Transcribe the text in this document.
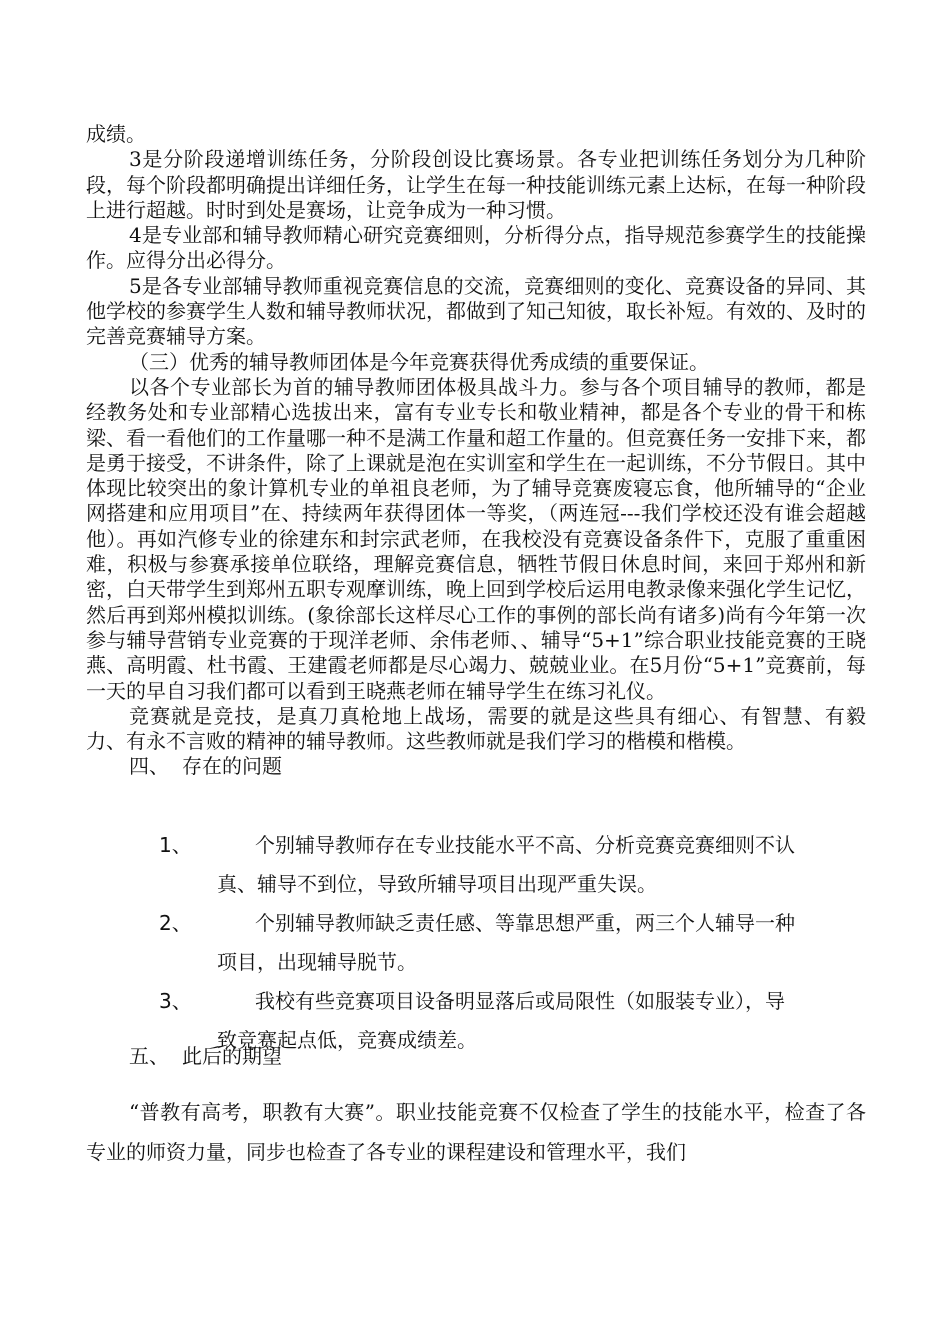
成绩。

3是分阶段递增训练任务，分阶段创设比赛场景。各专业把训练任务划分为几种阶段，每个阶段都明确提出详细任务，让学生在每一种技能训练元素上达标，在每一种阶段上进行超越。时时到处是赛场，让竞争成为一种习惯。

4是专业部和辅导教师精心研究竞赛细则，分析得分点，指导规范参赛学生的技能操作。应得分出必得分。

5是各专业部辅导教师重视竞赛信息的交流，竞赛细则的变化、竞赛设备的异同、其他学校的参赛学生人数和辅导教师状况，都做到了知己知彼，取长补短。有效的、及时的完善竞赛辅导方案。

（三）优秀的辅导教师团体是今年竞赛获得优秀成绩的重要保证。

以各个专业部长为首的辅导教师团体极具战斗力。参与各个项目辅导的教师，都是经教务处和专业部精心选拔出来，富有专业专长和敬业精神，都是各个专业的骨干和栋梁、看一看他们的工作量哪一种不是满工作量和超工作量的。但竞赛任务一安排下来，都是勇于接受，不讲条件，除了上课就是泡在实训室和学生在一起训练，不分节假日。其中体现比较突出的象计算机专业的单祖良老师，为了辅导竞赛废寝忘食，他所辅导的“企业网搭建和应用项目”在、持续两年获得团体一等奖，（两连冠---我们学校还没有谁会超越他）。再如汽修专业的徐建东和封宗武老师，在我校没有竞赛设备条件下，克服了重重困难，积极与参赛承接单位联络，理解竞赛信息，牺牲节假日休息时间，来回于郑州和新密，白天带学生到郑州五职专观摩训练，晚上回到学校后运用电教录像来强化学生记忆，然后再到郑州模拟训练。(象徐部长这样尽心工作的事例的部长尚有诸多)尚有今年第一次参与辅导营销专业竞赛的于现洋老师、余伟老师、、辅导“5+1”综合职业技能竞赛的王晓燕、高明霞、杜书霞、王建霞老师都是尽心竭力、兢兢业业。在5月份“5+1”竞赛前，每一天的早自习我们都可以看到王晓燕老师在辅导学生在练习礼仪。

竞赛就是竞技，是真刀真枪地上战场，需要的就是这些具有细心、有智慧、有毅力、有永不言败的精神的辅导教师。这些教师就是我们学习的楷模和楷模。

四、 存在的问题

1、	个别辅导教师存在专业技能水平不高、分析竞赛竞赛细则不认
真、辅导不到位，导致所辅导项目出现严重失误。
2、	个别辅导教师缺乏责任感、等靠思想严重，两三个人辅导一种
项目，出现辅导脱节。
3、	我校有些竞赛项目设备明显落后或局限性（如服装专业），导
致竞赛起点低，竞赛成绩差。
五、 此后的期望

“普教有高考，职教有大赛”。职业技能竞赛不仅检查了学生的技能水平，检查了各专业的师资力量，同步也检查了各专业的课程建设和管理水平，我们
